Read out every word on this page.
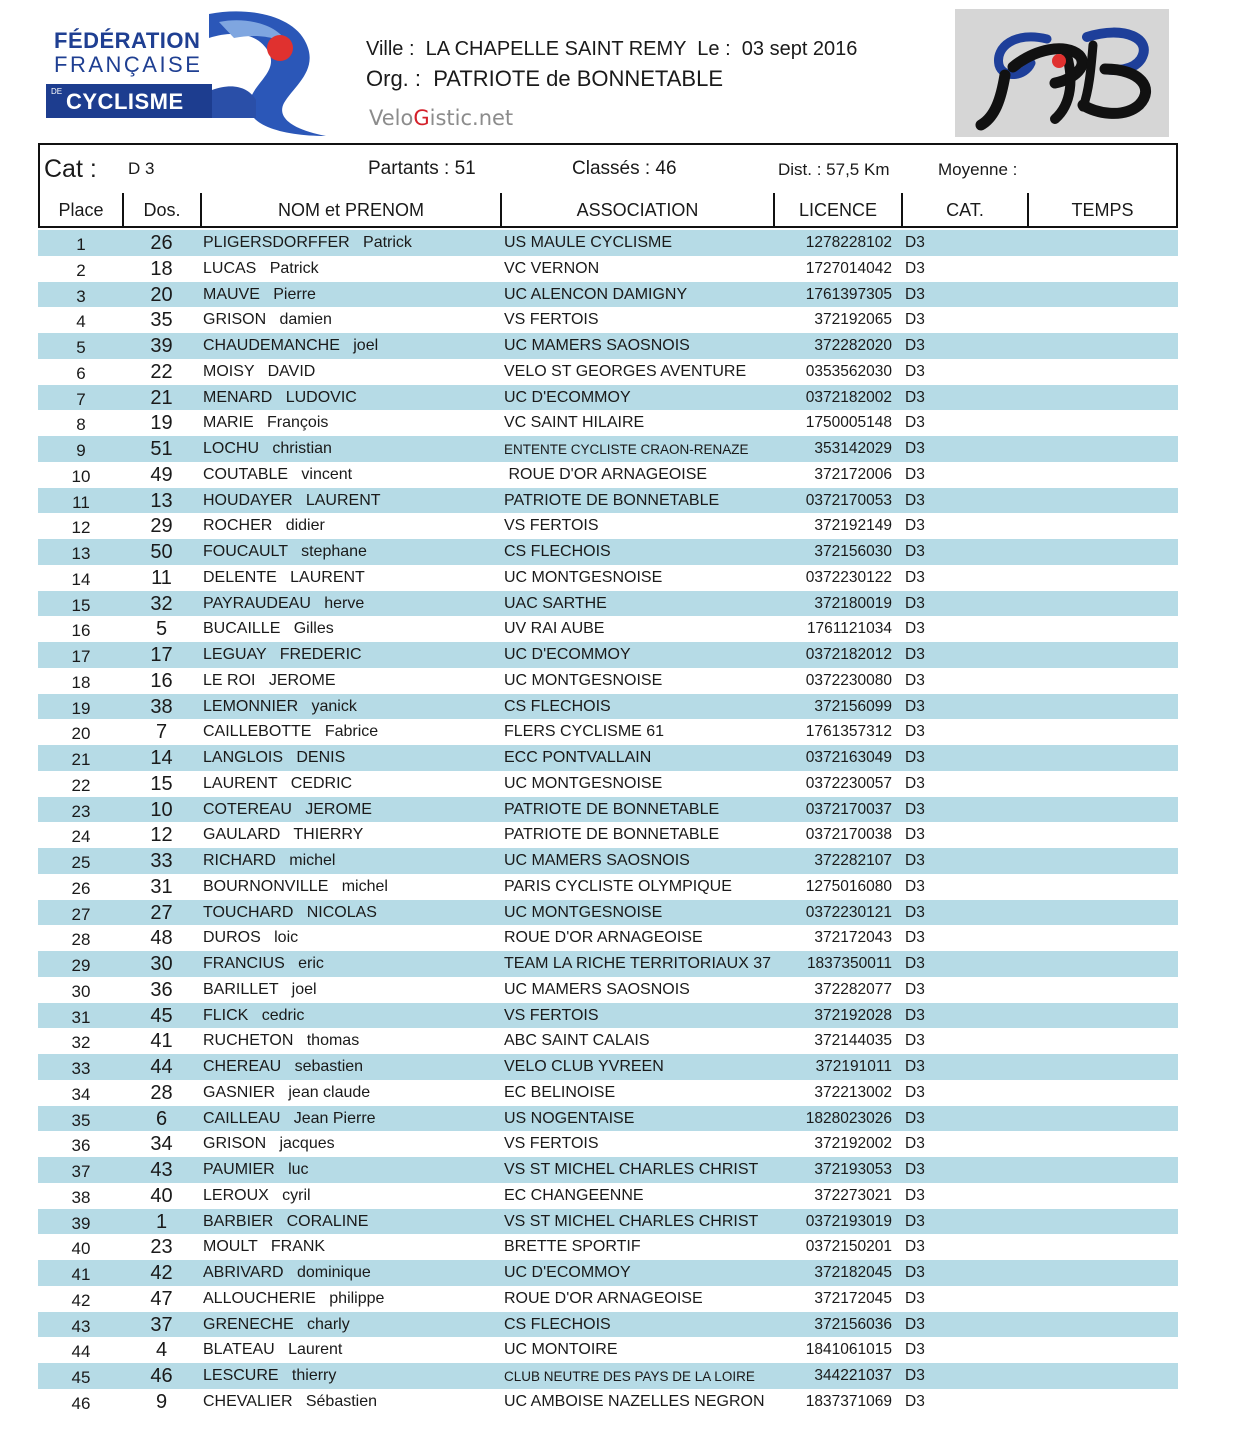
FÉDÉRATION
FRANÇAISE
DE CYCLISME
Ville : LA CHAPELLE SAINT REMY Le : 03 sept 2016
Org. : PATRIOTE de BONNETABLE
VeloGistic.net
Cat : D 3	Partants : 51	Classés : 46	Dist. : 57,5 Km	Moyenne :
Place	Dos.	NOM et PRENOM	ASSOCIATION	LICENCE	CAT.	TEMPS
1	26	PLIGERSDORFFER Patrick	US MAULE CYCLISME	1278228102 D3
2	18	LUCAS Patrick	VC VERNON	1727014042 D3
3	20	MAUVE Pierre	UC ALENCON DAMIGNY	1761397305 D3
4	35	GRISON damien	VS FERTOIS	372192065 D3
5	39	CHAUDEMANCHE joel	UC MAMERS SAOSNOIS	372282020 D3
6	22	MOISY DAVID	VELO ST GEORGES AVENTURE	0353562030 D3
7	21	MENARD LUDOVIC	UC D'ECOMMOY	0372182002 D3
8	19	MARIE François	VC SAINT HILAIRE	1750005148 D3
9	51	LOCHU christian	ENTENTE CYCLISTE CRAON-RENAZE	353142029 D3
10	49	COUTABLE vincent	ROUE D'OR ARNAGEOISE	372172006 D3
11	13	HOUDAYER LAURENT	PATRIOTE DE BONNETABLE	0372170053 D3
12	29	ROCHER didier	VS FERTOIS	372192149 D3
13	50	FOUCAULT stephane	CS FLECHOIS	372156030 D3
14	11	DELENTE LAURENT	UC MONTGESNOISE	0372230122 D3
15	32	PAYRAUDEAU herve	UAC SARTHE	372180019 D3
16	5	BUCAILLE Gilles	UV RAI AUBE	1761121034 D3
17	17	LEGUAY FREDERIC	UC D'ECOMMOY	0372182012 D3
18	16	LE ROI JEROME	UC MONTGESNOISE	0372230080 D3
19	38	LEMONNIER yanick	CS FLECHOIS	372156099 D3
20	7	CAILLEBOTTE Fabrice	FLERS CYCLISME 61	1761357312 D3
21	14	LANGLOIS DENIS	ECC PONTVALLAIN	0372163049 D3
22	15	LAURENT CEDRIC	UC MONTGESNOISE	0372230057 D3
23	10	COTEREAU JEROME	PATRIOTE DE BONNETABLE	0372170037 D3
24	12	GAULARD THIERRY	PATRIOTE DE BONNETABLE	0372170038 D3
25	33	RICHARD michel	UC MAMERS SAOSNOIS	372282107 D3
26	31	BOURNONVILLE michel	PARIS CYCLISTE OLYMPIQUE	1275016080 D3
27	27	TOUCHARD NICOLAS	UC MONTGESNOISE	0372230121 D3
28	48	DUROS loic	ROUE D'OR ARNAGEOISE	372172043 D3
29	30	FRANCIUS eric	TEAM LA RICHE TERRITORIAUX 37	1837350011 D3
30	36	BARILLET joel	UC MAMERS SAOSNOIS	372282077 D3
31	45	FLICK cedric	VS FERTOIS	372192028 D3
32	41	RUCHETON thomas	ABC SAINT CALAIS	372144035 D3
33	44	CHEREAU sebastien	VELO CLUB YVREEN	372191011 D3
34	28	GASNIER jean claude	EC BELINOISE	372213002 D3
35	6	CAILLEAU Jean Pierre	US NOGENTAISE	1828023026 D3
36	34	GRISON jacques	VS FERTOIS	372192002 D3
37	43	PAUMIER luc	VS ST MICHEL CHARLES CHRIST	372193053 D3
38	40	LEROUX cyril	EC CHANGEENNE	372273021 D3
39	1	BARBIER CORALINE	VS ST MICHEL CHARLES CHRIST	0372193019 D3
40	23	MOULT FRANK	BRETTE SPORTIF	0372150201 D3
41	42	ABRIVARD dominique	UC D'ECOMMOY	372182045 D3
42	47	ALLOUCHERIE philippe	ROUE D'OR ARNAGEOISE	372172045 D3
43	37	GRENECHE charly	CS FLECHOIS	372156036 D3
44	4	BLATEAU Laurent	UC MONTOIRE	1841061015 D3
45	46	LESCURE thierry	CLUB NEUTRE DES PAYS DE LA LOIRE	344221037 D3
46	9	CHEVALIER Sébastien	UC AMBOISE NAZELLES NEGRON	1837371069 D3
